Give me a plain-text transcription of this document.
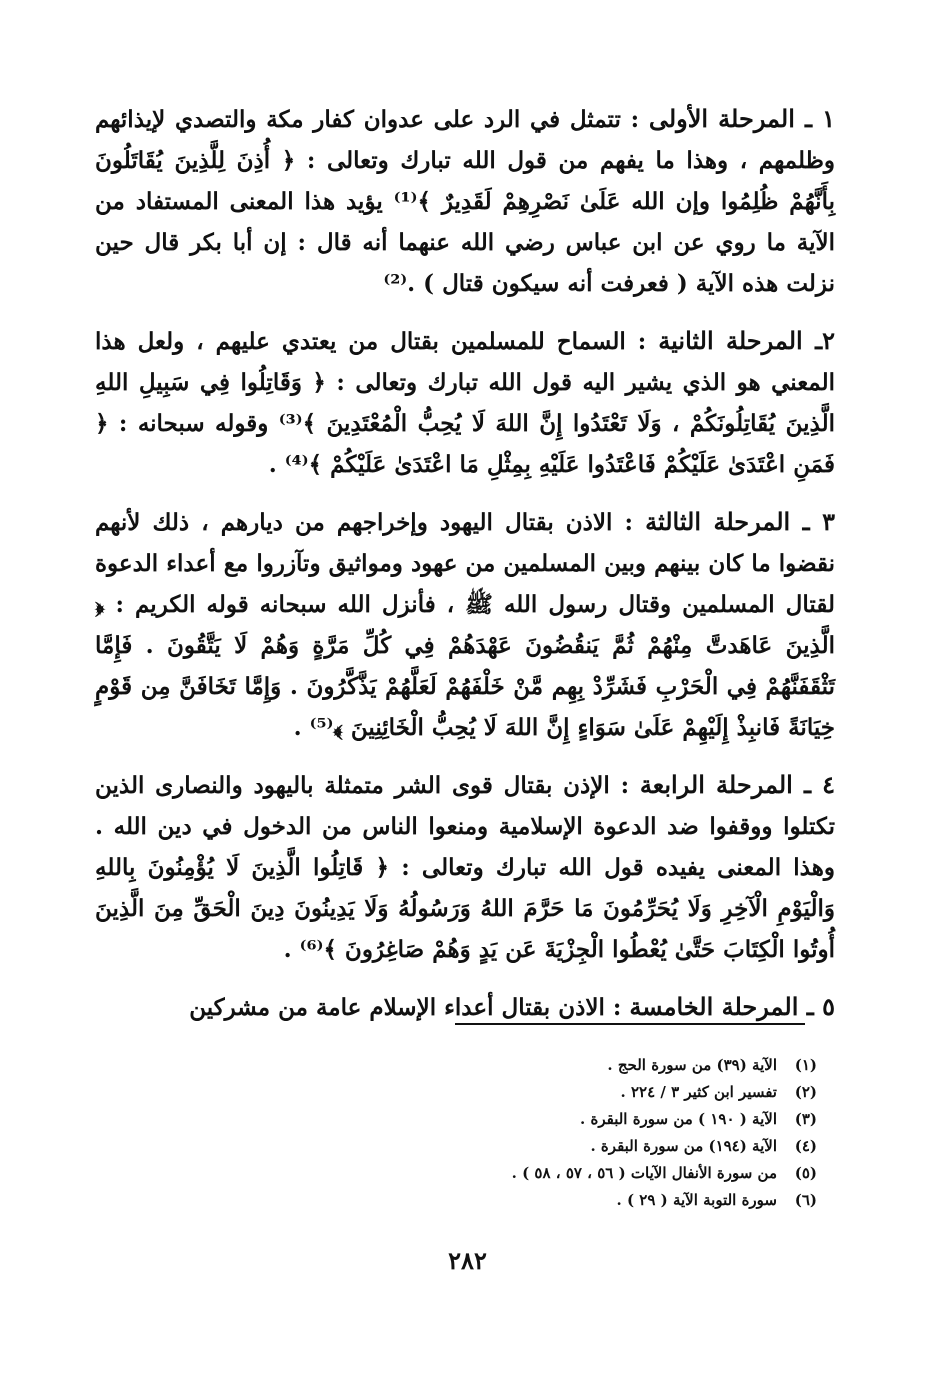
١ ـ المرحلة الأولى : تتمثل في الرد على عدوان كفار مكة والتصدي لإيذائهم وظلمهم ، وهذا ما يفهم من قول الله تبارك وتعالى : ﴿ أُذِنَ لِلَّذِينَ يُقَاتَلُونَ بِأَنَّهُمْ ظُلِمُوا وإن الله عَلَىٰ نَصْرِهِمْ لَقَدِيرٌ ﴾⁽¹⁾ يؤيد هذا المعنى المستفاد من الآية ما روي عن ابن عباس رضي الله عنهما أنه قال : إن أبا بكر قال حين نزلت هذه الآية ( فعرفت أنه سيكون قتال ) .⁽²⁾

٢ـ المرحلة الثانية : السماح للمسلمين بقتال من يعتدي عليهم ، ولعل هذا المعني هو الذي يشير اليه قول الله تبارك وتعالى : ﴿ وَقَاتِلُوا فِي سَبِيلِ اللهِ الَّذِينَ يُقَاتِلُونَكُمْ ، وَلَا تَعْتَدُوا إِنَّ اللهَ لَا يُحِبُّ الْمُعْتَدِينَ ﴾⁽³⁾ وقوله سبحانه : ﴿ فَمَنِ اعْتَدَىٰ عَلَيْكُمْ فَاعْتَدُوا عَلَيْهِ بِمِثْلِ مَا اعْتَدَىٰ عَلَيْكُمْ ﴾⁽⁴⁾ .

٣ ـ المرحلة الثالثة : الاذن بقتال اليهود وإخراجهم من ديارهم ، ذلك لأنهم نقضوا ما كان بينهم وبين المسلمين من عهود ومواثيق وتآزروا مع أعداء الدعوة لقتال المسلمين وقتال رسول الله ﷺ ، فأنزل الله سبحانه قوله الكريم : ﴿ الَّذِينَ عَاهَدتَّ مِنْهُمْ ثُمَّ يَنقُضُونَ عَهْدَهُمْ فِي كُلِّ مَرَّةٍ وَهُمْ لَا يَتَّقُونَ . فَإِمَّا تَثْقَفَنَّهُمْ فِي الْحَرْبِ فَشَرِّدْ بِهِم مَّنْ خَلْفَهُمْ لَعَلَّهُمْ يَذَّكَّرُونَ . وَإِمَّا تَخَافَنَّ مِن قَوْمٍ خِيَانَةً فَانبِذْ إِلَيْهِمْ عَلَىٰ سَوَاءٍ إِنَّ اللهَ لَا يُحِبُّ الْخَائِنِينَ ﴾⁽⁵⁾ .

٤ ـ المرحلة الرابعة : الإذن بقتال قوى الشر متمثلة باليهود والنصارى الذين تكتلوا ووقفوا ضد الدعوة الإسلامية ومنعوا الناس من الدخول في دين الله . وهذا المعنى يفيده قول الله تبارك وتعالى : ﴿ قَاتِلُوا الَّذِينَ لَا يُؤْمِنُونَ بِاللهِ وَالْيَوْمِ الْآخِرِ وَلَا يُحَرِّمُونَ مَا حَرَّمَ اللهُ وَرَسُولُهُ وَلَا يَدِينُونَ دِينَ الْحَقِّ مِنَ الَّذِينَ أُوتُوا الْكِتَابَ حَتَّىٰ يُعْطُوا الْجِزْيَةَ عَن يَدٍ وَهُمْ صَاغِرُونَ ﴾⁽⁶⁾ .

٥ ـ المرحلة الخامسة : الاذن بقتال أعداء الإسلام عامة من مشركين

(١)
الآية (٣٩) من سورة الحج .
(٢)
تفسير ابن كثير ٣ / ٢٢٤ .
(٣)
الآية ( ١٩٠ ) من سورة البقرة .
(٤)
الآية (١٩٤) من سورة البقرة .
(٥)
من سورة الأنفال الآيات ( ٥٦ ، ٥٧ ، ٥٨ ) .
(٦)
سورة التوبة الآية ( ٢٩ ) .
٢٨٢
